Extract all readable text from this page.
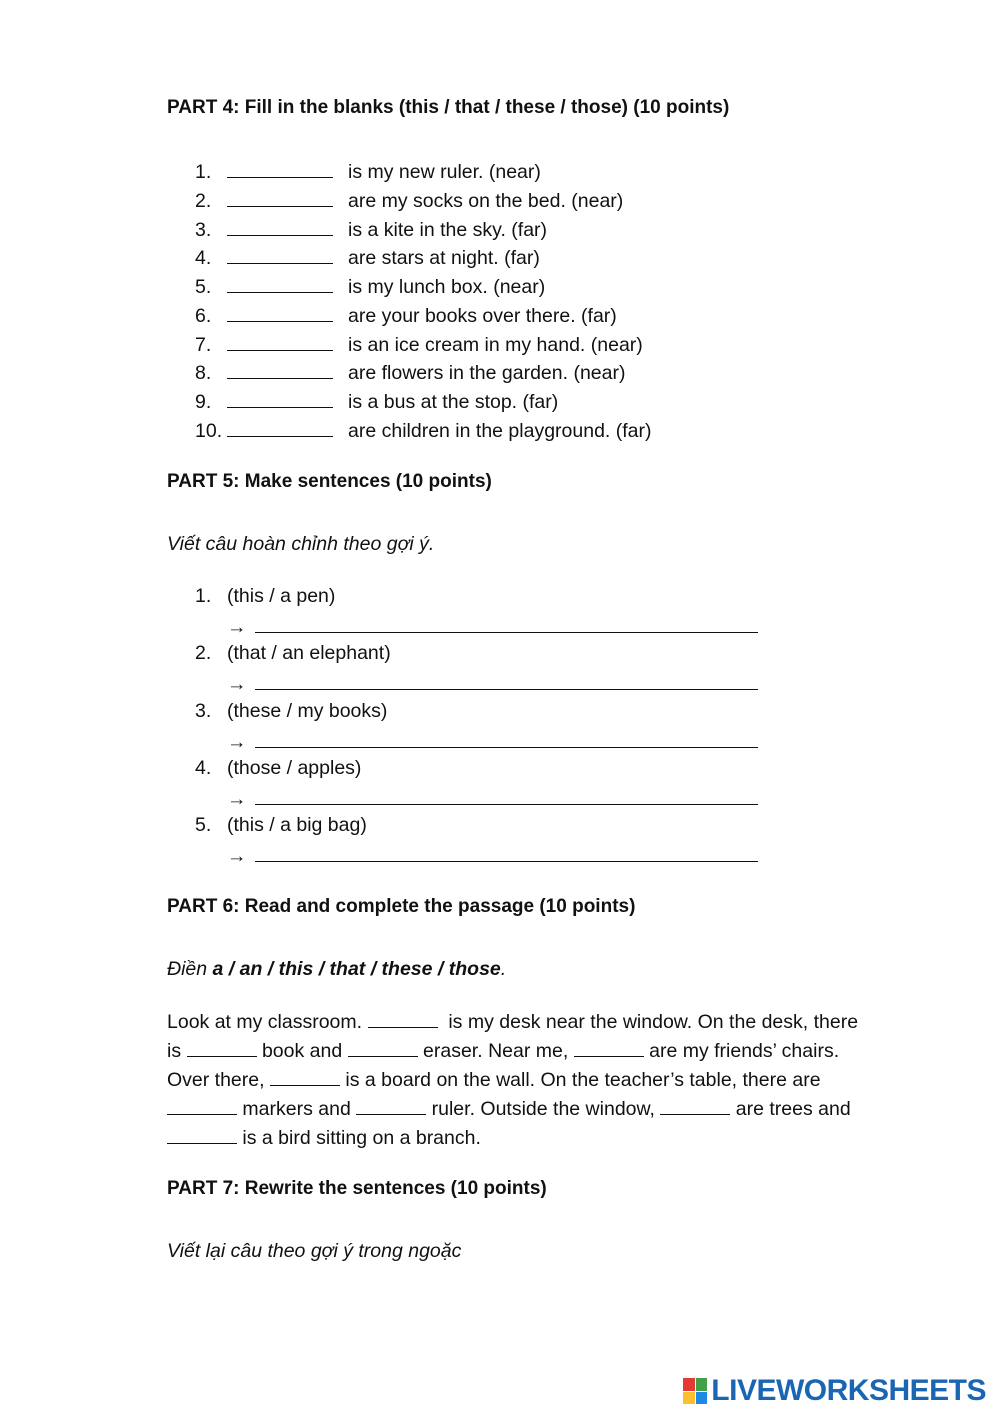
PART 4: Fill in the blanks (this / that / these / those) (10 points)
1.	is my new ruler. (near)
2.	are my socks on the bed. (near)
3.	is a kite in the sky. (far)
4.	are stars at night. (far)
5.	is my lunch box. (near)
6.	are your books over there. (far)
7.	is an ice cream in my hand. (near)
8.	are flowers in the garden. (near)
9.	is a bus at the stop. (far)
10.	are children in the playground. (far)
PART 5: Make sentences (10 points)
Viết câu hoàn chỉnh theo gợi ý.
1. (this / a pen)
→
2. (that / an elephant)
→
3. (these / my books)
→
4. (those / apples)
→
5. (this / a big bag)
→
PART 6: Read and complete the passage (10 points)
Điền a / an / this / that / these / those.
Look at my classroom.	is my desk near the window. On the desk, there
is	book and	eraser. Near me,	are my friends’ chairs.
Over there,	is a board on the wall. On the teacher’s table, there are
markers and	ruler. Outside the window,	are trees and
is a bird sitting on a branch.
PART 7: Rewrite the sentences (10 points)
Viết lại câu theo gợi ý trong ngoặc
LIVEWORKSHEETS
